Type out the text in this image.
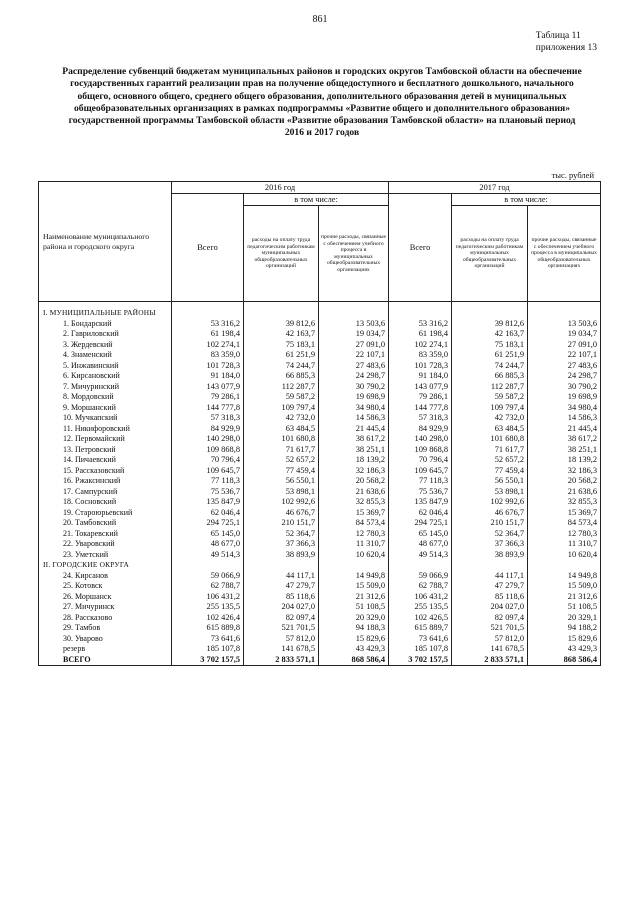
861
Таблица 11
приложения 13
Распределение субвенций бюджетам муниципальных районов и городских округов Тамбовской области на обеспечение государственных гарантий реализации прав на получение общедоступного и бесплатного дошкольного, начального общего, основного общего, среднего общего образования, дополнительного образования детей в муниципальных общеобразовательных организациях в рамках подпрограммы «Развитие общего и дополнительного образования» государственной программы Тамбовской области «Развитие образования Тамбовской области» на плановый период 2016 и 2017 годов
тыс. рублей
Наименование муниципального района и городского округа	2016 год			2017 год		
	Всего	в том числе:		Всего	в том числе:	
		расходы на оплату труда педагогическим работникам муниципальных общеобразовательных организаций	прочие расходы, связанные с обеспечением учебного процесса в муниципальных общеобразовательных организациях		расходы на оплату труда педагогическим работникам муниципальных общеобразовательных организаций	прочие расходы, связанные с обеспечением учебного процесса в муниципальных общеобразовательных организациях

I. МУНИЦИПАЛЬНЫЕ РАЙОНЫ						
1. Бондарский	53 316,2	39 812,6	13 503,6	53 316,2	39 812,6	13 503,6
2. Гавриловский	61 198,4	42 163,7	19 034,7	61 198,4	42 163,7	19 034,7
3. Жердевский	102 274,1	75 183,1	27 091,0	102 274,1	75 183,1	27 091,0
4. Знаменский	83 359,0	61 251,9	22 107,1	83 359,0	61 251,9	22 107,1
5. Инжавинский	101 728,3	74 244,7	27 483,6	101 728,3	74 244,7	27 483,6
6. Кирсановский	91 184,0	66 885,3	24 298,7	91 184,0	66 885,3	24 298,7
7. Мичуринский	143 077,9	112 287,7	30 790,2	143 077,9	112 287,7	30 790,2
8. Мордовский	79 286,1	59 587,2	19 698,9	79 286,1	59 587,2	19 698,9
9. Моршанский	144 777,8	109 797,4	34 980,4	144 777,8	109 797,4	34 980,4
10. Мучкапский	57 318,3	42 732,0	14 586,3	57 318,3	42 732,0	14 586,3
11. Никифоровский	84 929,9	63 484,5	21 445,4	84 929,9	63 484,5	21 445,4
12. Первомайский	140 298,0	101 680,8	38 617,2	140 298,0	101 680,8	38 617,2
13. Петровский	109 868,8	71 617,7	38 251,1	109 868,8	71 617,7	38 251,1
14. Пичаевский	70 796,4	52 657,2	18 139,2	70 796,4	52 657,2	18 139,2
15. Рассказовский	109 645,7	77 459,4	32 186,3	109 645,7	77 459,4	32 186,3
16. Ржаксинский	77 118,3	56 550,1	20 568,2	77 118,3	56 550,1	20 568,2
17. Сампурский	75 536,7	53 898,1	21 638,6	75 536,7	53 898,1	21 638,6
18. Сосновский	135 847,9	102 992,6	32 855,3	135 847,9	102 992,6	32 855,3
19. Староюрьевский	62 046,4	46 676,7	15 369,7	62 046,4	46 676,7	15 369,7
20. Тамбовский	294 725,1	210 151,7	84 573,4	294 725,1	210 151,7	84 573,4
21. Токаревский	65 145,0	52 364,7	12 780,3	65 145,0	52 364,7	12 780,3
22. Уваровский	48 677,0	37 366,3	11 310,7	48 677,0	37 366,3	11 310,7
23. Уметский	49 514,3	38 893,9	10 620,4	49 514,3	38 893,9	10 620,4
II. ГОРОДСКИЕ ОКРУГА						
24. Кирсанов	59 066,9	44 117,1	14 949,8	59 066,9	44 117,1	14 949,8
25. Котовск	62 788,7	47 279,7	15 509,0	62 788,7	47 279,7	15 509,0
26. Моршанск	106 431,2	85 118,6	21 312,6	106 431,2	85 118,6	21 312,6
27. Мичуринск	255 135,5	204 027,0	51 108,5	255 135,5	204 027,0	51 108,5
28. Рассказово	102 426,4	82 097,4	20 329,0	102 426,5	82 097,4	20 329,1
29. Тамбов	615 889,8	521 701,5	94 188,3	615 889,7	521 701,5	94 188,2
30. Уварово	73 641,6	57 812,0	15 829,6	73 641,6	57 812,0	15 829,6
резерв	185 107,8	141 678,5	43 429,3	185 107,8	141 678,5	43 429,3
ВСЕГО	3 702 157,5	2 833 571,1	868 586,4	3 702 157,5	2 833 571,1	868 586,4
